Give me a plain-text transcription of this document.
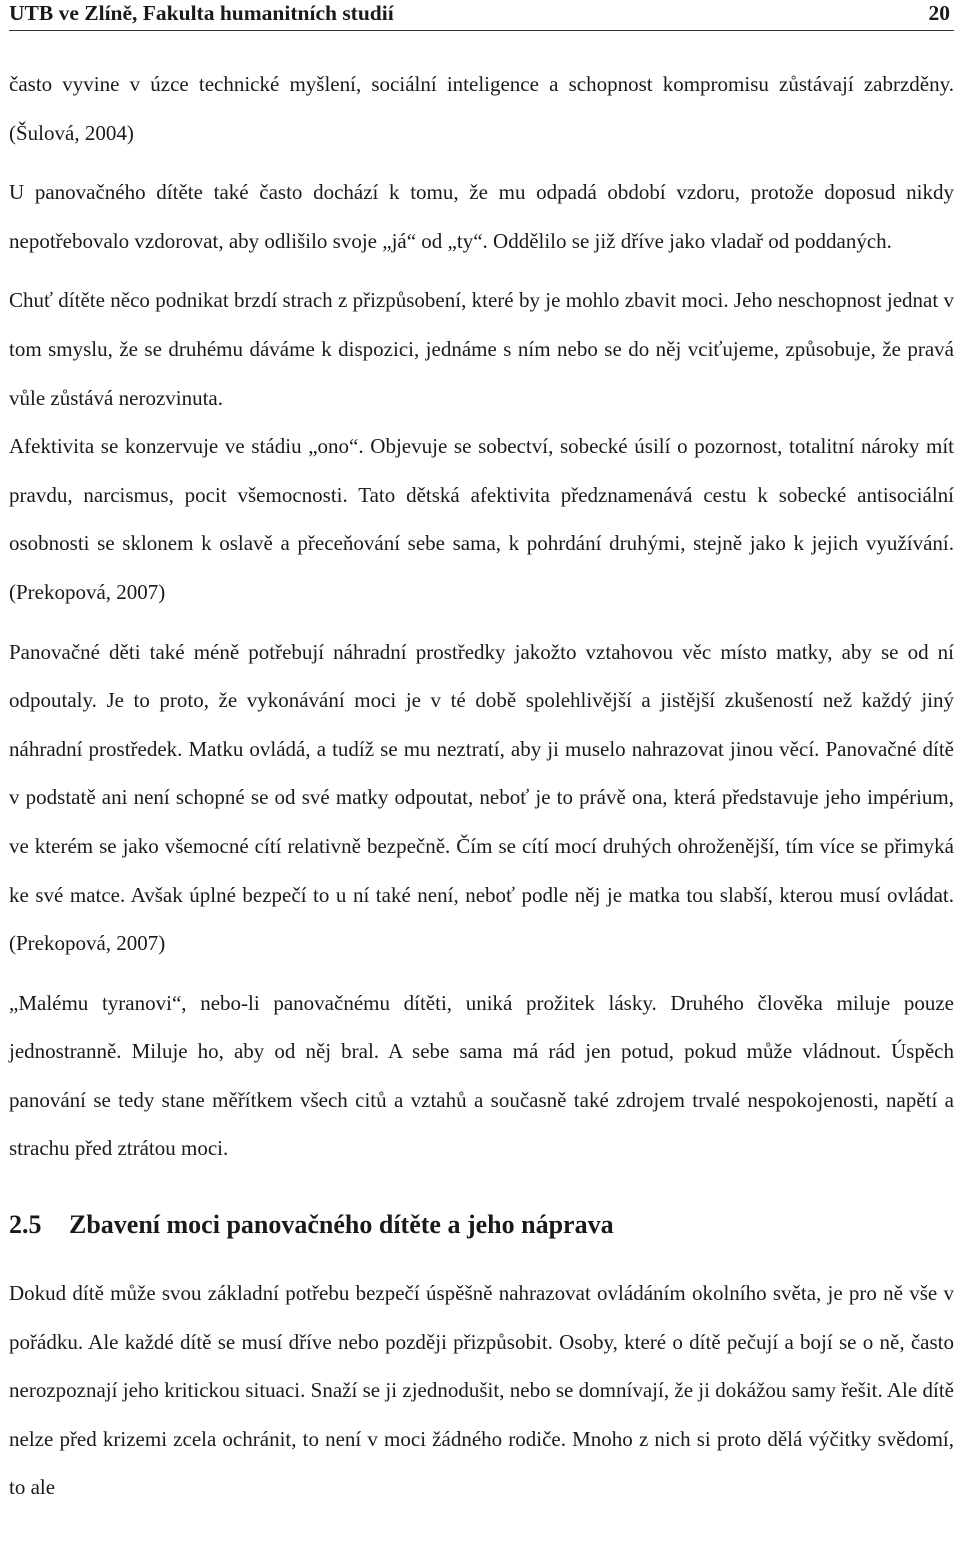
UTB ve Zlíně, Fakulta humanitních studií	20

často vyvine v úzce technické myšlení, sociální inteligence a schopnost kompromisu zůstávají zabrzděny. (Šulová, 2004)

U panovačného dítěte také často dochází k tomu, že mu odpadá období vzdoru, protože doposud nikdy nepotřebovalo vzdorovat, aby odlišilo svoje „já“ od „ty“. Oddělilo se již dříve jako vladař od poddaných.

Chuť dítěte něco podnikat brzdí strach z přizpůsobení, které by je mohlo zbavit moci. Jeho neschopnost jednat v tom smyslu, že se druhému dáváme k dispozici, jednáme s ním nebo se do něj vciťujeme, způsobuje, že pravá vůle zůstává nerozvinuta.

Afektivita se konzervuje ve stádiu „ono“. Objevuje se sobectví, sobecké úsilí o pozornost, totalitní nároky mít pravdu, narcismus, pocit všemocnosti. Tato dětská afektivita předznamenává cestu k sobecké antisociální osobnosti se sklonem k oslavě a přeceňování sebe sama, k pohrdání druhými, stejně jako k jejich využívání. (Prekopová, 2007)

Panovačné děti také méně potřebují náhradní prostředky jakožto vztahovou věc místo matky, aby se od ní odpoutaly. Je to proto, že vykonávání moci je v té době spolehlivější a jistější zkušeností než každý jiný náhradní prostředek. Matku ovládá, a tudíž se mu neztratí, aby ji muselo nahrazovat jinou věcí. Panovačné dítě v podstatě ani není schopné se od své matky odpoutat, neboť je to právě ona, která představuje jeho impérium, ve kterém se jako všemocné cítí relativně bezpečně. Čím se cítí mocí druhých ohroženější, tím více se přimyká ke své matce. Avšak úplné bezpečí to u ní také není, neboť podle něj je matka tou slabší, kterou musí ovládat. (Prekopová, 2007)

„Malému tyranovi“, nebo-li panovačnému dítěti, uniká prožitek lásky. Druhého člověka miluje pouze jednostranně. Miluje ho, aby od něj bral. A sebe sama má rád jen potud, pokud může vládnout. Úspěch panování se tedy stane měřítkem všech citů a vztahů a současně také zdrojem trvalé nespokojenosti, napětí a strachu před ztrátou moci.

2.5	Zbavení moci panovačného dítěte a jeho náprava

Dokud dítě může svou základní potřebu bezpečí úspěšně nahrazovat ovládáním okolního světa, je pro ně vše v pořádku. Ale každé dítě se musí dříve nebo později přizpůsobit. Osoby, které o dítě pečují a bojí se o ně, často nerozpoznají jeho kritickou situaci. Snaží se ji zjednodušit, nebo se domnívají, že ji dokážou samy řešit. Ale dítě nelze před krizemi zcela ochránit, to není v moci žádného rodiče. Mnoho z nich si proto dělá výčitky svědomí, to ale
